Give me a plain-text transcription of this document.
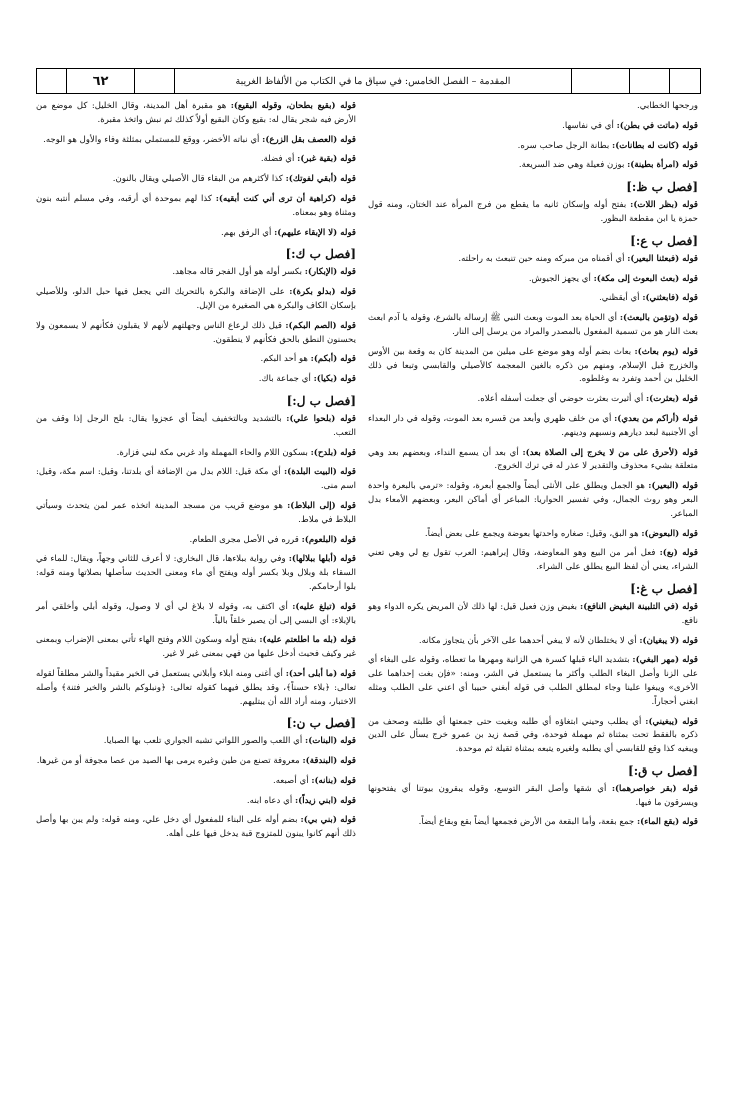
٦٢	المقدمة – الفصل الخامس: في سياق ما في الكتاب من الألفاظ الغريبة

ورجحها الخطابي.

قوله (ماتت في بطن): أي في نفاسها.

قوله (كانت له بطانات): بطانة الرجل صاحب سره.

قوله (امرأة بطينة): بوزن فعيلة وهي ضد السريعة.

[فصل ب ظ:]

قوله (بظر اللات): بفتح أوله وإسكان ثانيه ما يقطع من فرج المرأة عند الختان، ومنه قول حمزة يا ابن مقطعة البظور.

[فصل ب ع:]

قوله (فبعثنا البعير): أي أقمناه من مبركه ومنه حين تنبعث به راحلته.

قوله (بعث البعوث إلى مكة): أي يجهز الجيوش.

قوله (فابعثني): أي أيقظني.

قوله (وتؤمن بالبعث): أي الحياة بعد الموت وبعث النبي ﷺ إرساله بالشرع، وقوله يا آدم ابعث بعث النار هو من تسمية المفعول بالمصدر والمراد من يرسل إلى النار.

قوله (يوم بعاث): بعاث بضم أوله وهو موضع على ميلين من المدينة كان به وقعة بين الأوس والخزرج قبل الإسلام، ومنهم من ذكره بالغين المعجمة كالأصيلي والقابسي وتبعا في ذلك الخليل بن أحمد وتفرد به وغلطوه.

قوله (بعثرت): أي أثيرت بعثرت حوضي أي جعلت أسفله أعلاه.

قوله (أراكم من بعدي): أي من خلف ظهري وأبعد من قسره بعد الموت، وقوله في دار البعداء أي الأجنبية لبعد ديارهم ونسبهم ودينهم.

قوله (لأحرق على من لا يخرج إلى الصلاة بعد): أي بعد أن يسمع النداء، وبعضهم بعد وهي متعلقة بشيء محذوف والتقدير لا عذر له في ترك الخروج.

قوله (البعير): هو الجمل ويطلق على الأنثى أيضاً والجمع أبعرة، وقوله: «ترمي بالبعرة واحدة البعر وهو روث الجمال، وفي تفسير الحواريا: المباعر أي أماكن البعر، وبعضهم الأمعاء بدل المباعر.

قوله (البعوض): هو البق، وقيل: صغاره واحدتها بعوضة ويجمع على بعض أيضاً.

قوله (بع): فعل أمر من البيع وهو المعاوضة، وقال إبراهيم: العرب تقول بع لي وهي تعني الشراء، يعني أن لفظ البيع يطلق على الشراء.

[فصل ب غ:]

قوله (في التلبينة البغيض النافع): بغيض وزن فعيل قيل: لها ذلك لأن المريض يكره الدواء وهو نافع.

قوله (لا يبغيان): أي لا يختلطان لأنه لا يبغي أحدهما على الآخر بأن يتجاوز مكانه.

قوله (مهر البغي): بتشديد الياء قبلها كسرة هي الزانية ومهرها ما تعطاه، وقوله على البغاء أي على الزنا وأصل البغاء الطلب وأكثر ما يستعمل في الشر، ومنه: «فإن بغت إحداهما على الأخرى» ويبغوا علينا وجاء لمطلق الطلب في قوله أبغني حبيبا أي اعني على الطلب ومثله ابغني أحجاراً.

قوله (يبغيني): أي يطلب وحيني ابتغاؤه أي طلبه وبغيت حتى جمعتها أي طلبته وصحف من ذكره بالفقط تحت بمثناة ثم مهملة فوحدة، وفي قصة زيد بن عمرو خرج يسأل على الدين ويبغيه كذا وقع للقابسي أي يطلبه ولغيره يتبعه بمثناة ثقيلة ثم موحدة.

[فصل ب ق:]

قوله (بقر خواصرهما): أي شقها وأصل البقر التوسع، وقوله يبقرون بيوتنا أي يفتحونها ويسرقون ما فيها.

قوله (بقع الماء): جمع بقعة، وأما البقعة من الأرض فجمعها أيضاً بقع وبقاع أيضاً.

قوله (بقيع بطحان، وقوله البقيع): هو مقبرة أهل المدينة، وقال الخليل: كل موضع من الأرض فيه شجر يقال له: بقيع وكان البقيع أولاً كذلك ثم نبش واتخذ مقبرة.

قوله (العصف بقل الزرع): أي نباته الأخضر، ووقع للمستملي بمثلثة وفاء والأول هو الوجه.

قوله (بقية غبر): أي فضلة.

قوله (أبقي لفوتك): كذا لأكثرهم من البقاء قال الأصيلي ويقال بالنون.

قوله (كراهية أن ترى أني كنت أبقيه): كذا لهم بموحدة أي أرقبه، وفي مسلم أنتبه بنون ومثناة وهو بمعناه.

قوله (لا الإبقاء عليهم): أي الرفق بهم.

[فصل ب ك:]

قوله (الإبكار): بكسر أوله هو أول الفجر قاله مجاهد.

قوله (بدلو بكرة): على الإضافة والبكرة بالتحريك التي يجعل فيها حبل الدلو، وللأصيلي بإسكان الكاف والبكرة هي الصغيرة من الإبل.

قوله (الصم البكم): قيل ذلك لرعاع الناس وجهلتهم لأنهم لا يقبلون فكأنهم لا يسمعون ولا يحسنون النطق بالحق فكأنهم لا ينطقون.

قوله (أبكم): هو أحد البكم.

قوله (بكيا): أي جماعة باك.

[فصل ب ل:]

قوله (بلحوا علي): بالتشديد وبالتخفيف أيضاً أي عجزوا يقال: بلح الرجل إذا وقف من التعب.

قوله (بلدح): بسكون اللام والحاء المهملة واد غربي مكة لبني فزارة.

قوله (البيت البلدة): أي مكة قيل: اللام بدل من الإضافة أي بلدتنا، وقيل: اسم مكة، وقيل: اسم منى.

قوله (إلى البلاط): هو موضع قريب من مسجد المدينة اتخذه عمر لمن يتحدث وسيأتي البلاط في ملاط.

قوله (البلعوم): قرره في الأصل مجرى الطعام.

قوله (أبلها ببلالها): وفي رواية ببلاءها، قال البخاري: لا أعرف للثاني وجهاً، ويقال: للماء في السقاء بلة وبلال وبلا بكسر أوله ويفتح أي ماء ومعنى الحديث سأصلها بصلاتها ومنه قوله: بلوا أرحامكم.

قوله (تبلغ عليه): أي اكتف به، وقوله لا بلاغ لي أي لا وصول، وقوله أبلي وأخلقي أمر بالإبلاء: أي البسي إلى أن يصير خلقاً بالياً.

قوله (بله ما اطلعتم عليه): بفتح أوله وسكون اللام وفتح الهاء تأتي بمعنى الإضراب وبمعنى غير وكيف فحيث أدخل عليها من فهي بمعنى غير لا غير.

قوله (ما أبلى أحد): أي أغنى ومنه ابلاء وأبلاني يستعمل في الخير مقيداً والشر مطلقاً لقوله تعالى: ﴿بلاء حسناً﴾، وقد يطلق فيهما كقوله تعالى: ﴿ونبلوكم بالشر والخير فتنة﴾ وأصله الاختبار، ومنه أراد الله أن يبتليهم.

[فصل ب ن:]

قوله (البنات): أي اللعب والصور اللواتي تشبه الجواري تلعب بها الصبايا.

قوله (البندقة): معروفة تصنع من طين وغيره يرمى بها الصيد من عصا مجوفة أو من غيرها.

قوله (بنانه): أي أصبعه.

قوله (ابني زيداً): أي دعاه ابنه.

قوله (بني بي): بضم أوله على البناء للمفعول أي دخل علي، ومنه قوله: ولم يبن بها وأصل ذلك أنهم كانوا يبنون للمتزوج قبة يدخل فيها على أهله.
